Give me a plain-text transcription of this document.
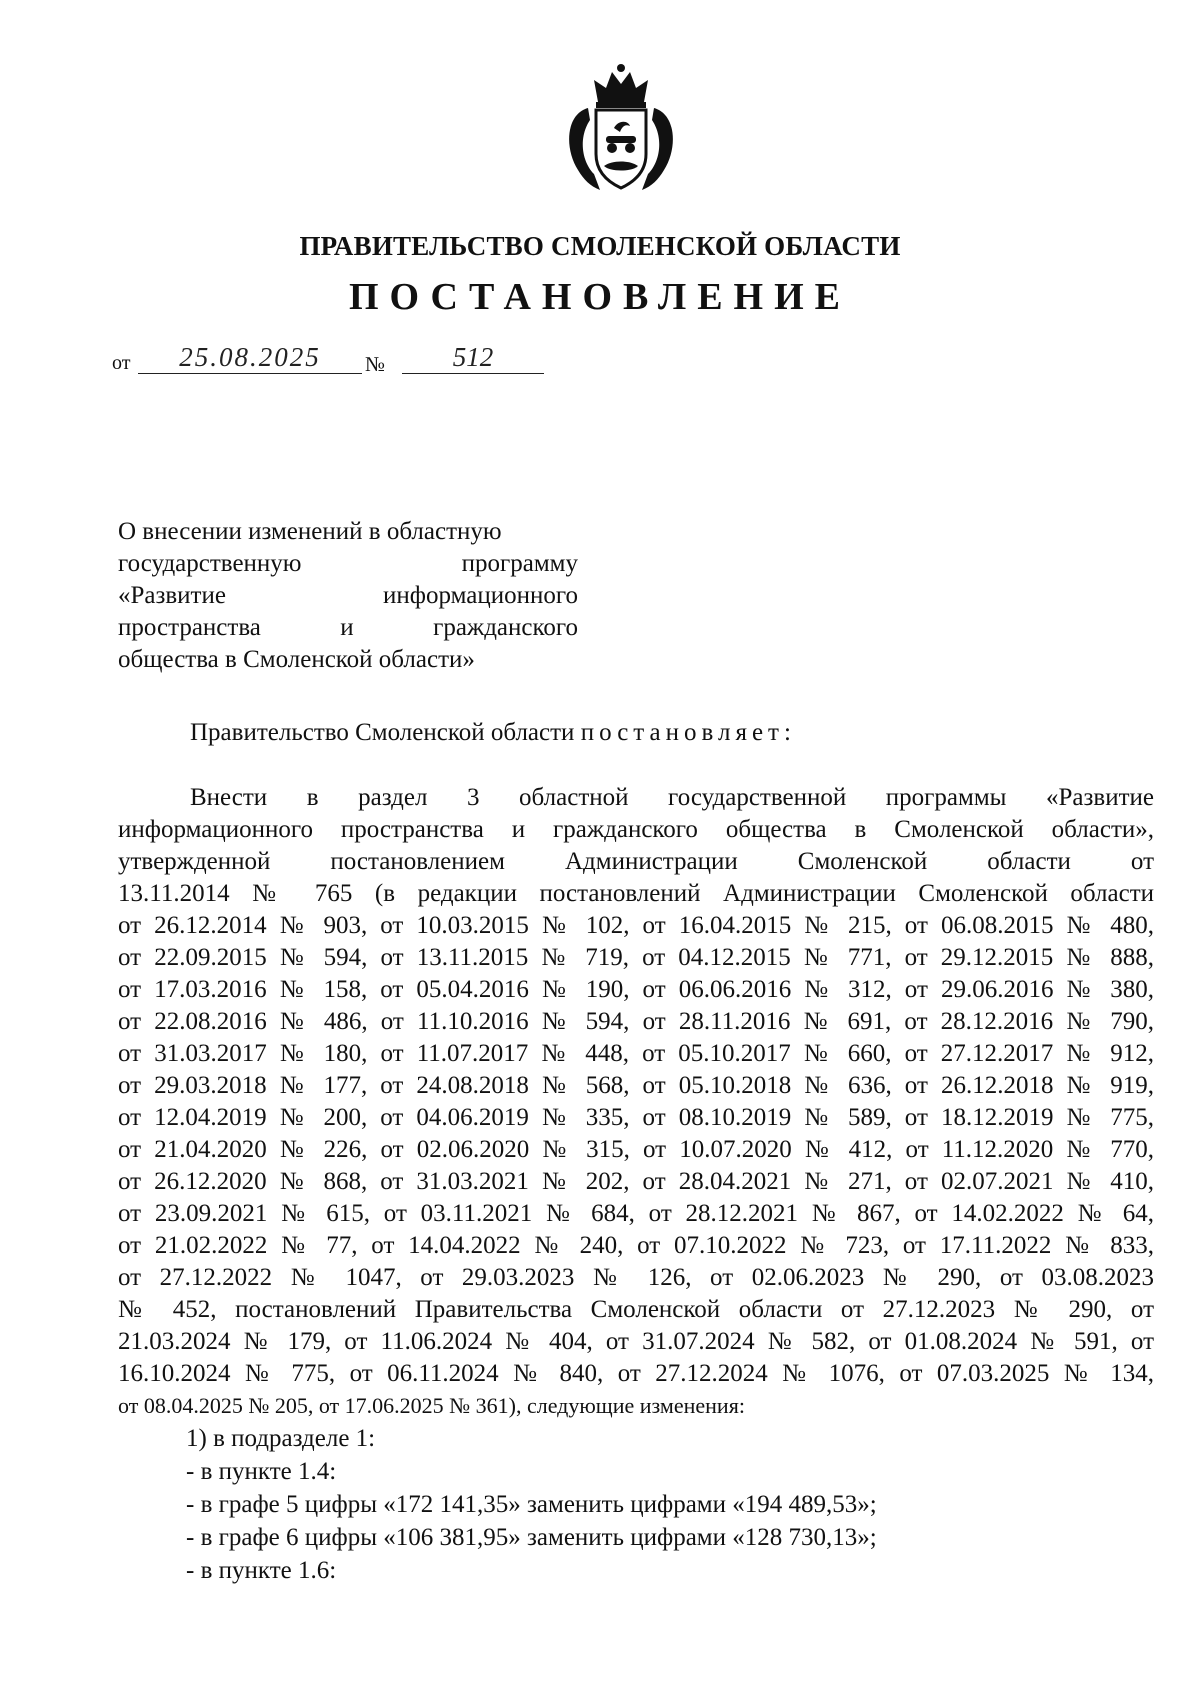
ПРАВИТЕЛЬСТВО СМОЛЕНСКОЙ ОБЛАСТИ
ПОСТАНОВЛЕНИЕ
от	25.08.2025	№	512
О внесении изменений в областную
государственную программу
«Развитие информационного
пространства и гражданского
общества в Смоленской области»
Правительство Смоленской области постановляет:
Внести в раздел 3 областной государственной программы «Развитие
информационного пространства и гражданского общества в Смоленской области»,
утвержденной постановлением Администрации Смоленской области от
13.11.2014 № 765 (в редакции постановлений Администрации Смоленской области
от 26.12.2014 № 903, от 10.03.2015 № 102, от 16.04.2015 № 215, от 06.08.2015 № 480,
от 22.09.2015 № 594, от 13.11.2015 № 719, от 04.12.2015 № 771, от 29.12.2015 № 888,
от 17.03.2016 № 158, от 05.04.2016 № 190, от 06.06.2016 № 312, от 29.06.2016 № 380,
от 22.08.2016 № 486, от 11.10.2016 № 594, от 28.11.2016 № 691, от 28.12.2016 № 790,
от 31.03.2017 № 180, от 11.07.2017 № 448, от 05.10.2017 № 660, от 27.12.2017 № 912,
от 29.03.2018 № 177, от 24.08.2018 № 568, от 05.10.2018 № 636, от 26.12.2018 № 919,
от 12.04.2019 № 200, от 04.06.2019 № 335, от 08.10.2019 № 589, от 18.12.2019 № 775,
от 21.04.2020 № 226, от 02.06.2020 № 315, от 10.07.2020 № 412, от 11.12.2020 № 770,
от 26.12.2020 № 868, от 31.03.2021 № 202, от 28.04.2021 № 271, от 02.07.2021 № 410,
от 23.09.2021 № 615, от 03.11.2021 № 684, от 28.12.2021 № 867, от 14.02.2022 № 64,
от 21.02.2022 № 77, от 14.04.2022 № 240, от 07.10.2022 № 723, от 17.11.2022 № 833,
от 27.12.2022 № 1047, от 29.03.2023 № 126, от 02.06.2023 № 290, от 03.08.2023
№ 452, постановлений Правительства Смоленской области от 27.12.2023 № 290, от
21.03.2024 № 179, от 11.06.2024 № 404, от 31.07.2024 № 582, от 01.08.2024 № 591, от
16.10.2024 № 775, от 06.11.2024 № 840, от 27.12.2024 № 1076, от 07.03.2025 № 134,
от 08.04.2025 № 205, от 17.06.2025 № 361), следующие изменения:
1) в подразделе 1:
- в пункте 1.4:
- в графе 5 цифры «172 141,35» заменить цифрами «194 489,53»;
- в графе 6 цифры «106 381,95» заменить цифрами «128 730,13»;
- в пункте 1.6:
